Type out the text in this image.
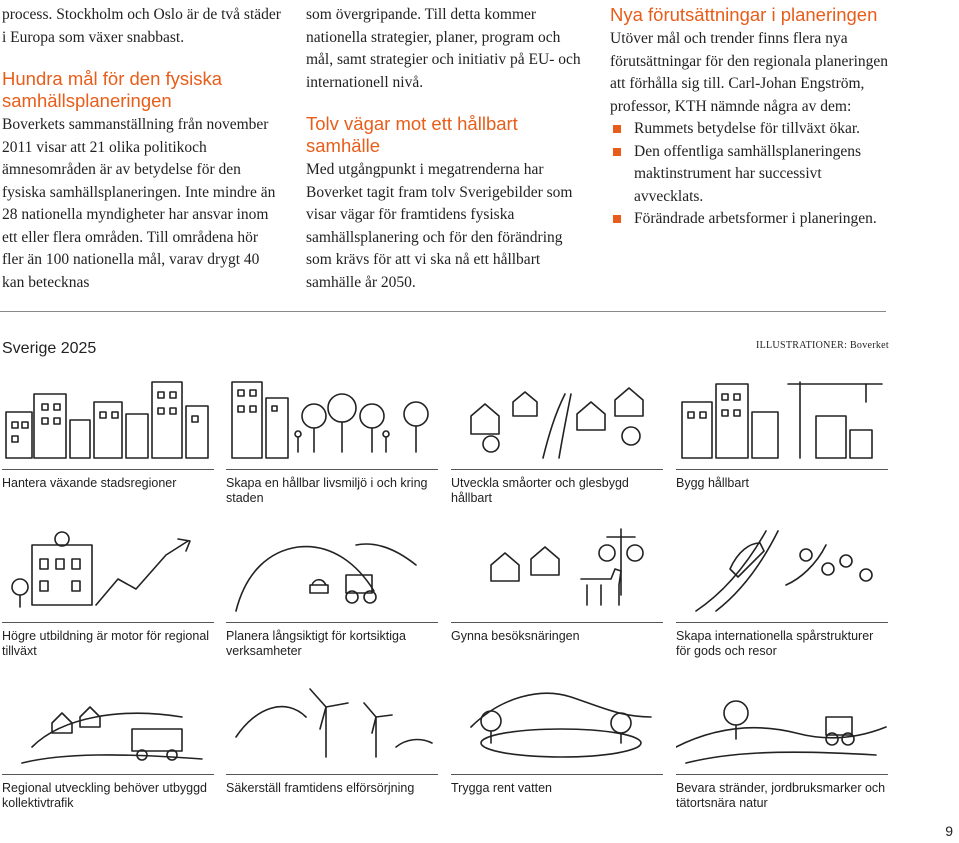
process. Stockholm och Oslo är de två städer i Europa som växer snabbast.

Hundra mål för den fysiska samhällsplaneringen

Boverkets sammanställning från november 2011 visar att 21 olika politikoch ämnesområden är av betydelse för den fysiska samhällsplaneringen. Inte mindre än 28 nationella myndigheter har ansvar inom ett eller flera områden. Till områdena hör fler än 100 nationella mål, varav drygt 40 kan betecknas

som övergripande. Till detta kommer nationella strategier, planer, program och mål, samt strategier och initiativ på EU- och internationell nivå.

Tolv vägar mot ett hållbart samhälle

Med utgångpunkt i megatrenderna har Boverket tagit fram tolv Sverigebilder som visar vägar för framtidens fysiska samhällsplanering och för den förändring som krävs för att vi ska nå ett hållbart samhälle år 2050.

Nya förutsättningar i planeringen

Utöver mål och trender finns flera nya förutsättningar för den regionala planeringen att förhålla sig till. Carl-Johan Engström, professor, KTH nämnde några av dem:

Rummets betydelse för tillväxt ökar.
Den offentliga samhällsplaneringens maktinstrument har successivt avvecklats.
Förändrade arbetsformer i planeringen.
Sverige 2025	ILLUSTRATIONER: Boverket
Hantera växande stadsregioner	Skapa en hållbar livsmiljö i och kring staden
Utveckla småorter och glesbygd hållbart
Bygg hållbart
Högre utbildning är motor för regional tillväxt
Planera långsiktigt för kortsiktiga verksamheter
Gynna besöksnäringen	Skapa internationella spårstrukturer för gods och resor
Regional utveckling behöver utbyggd kollektivtrafik
Säkerställ framtidens elförsörjning	Trygga rent vatten	Bevara stränder, jordbruksmarker och tätortsnära natur
9
